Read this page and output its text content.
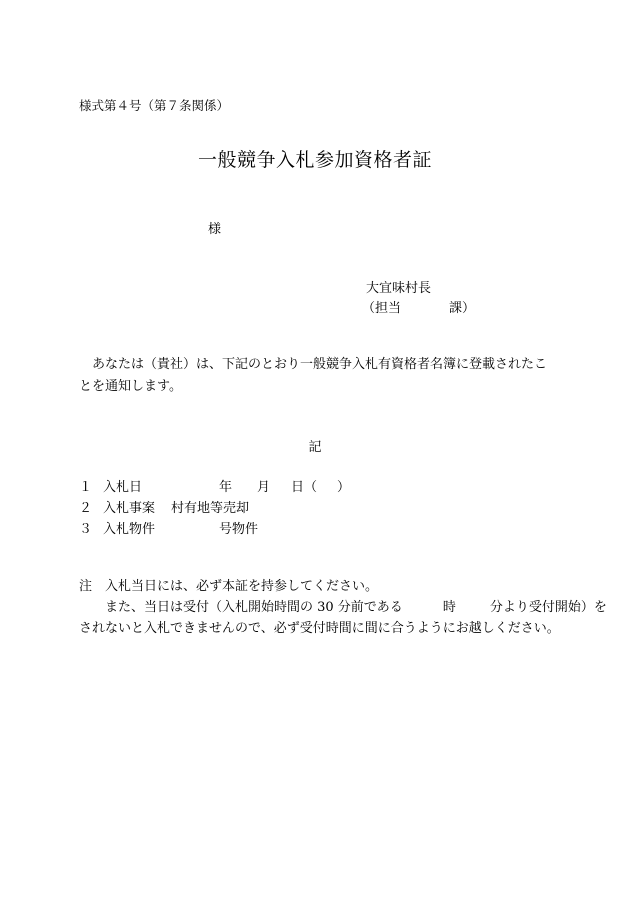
様式第４号（第７条関係）
一般競争入札参加資格者証
様
大宜味村長
（担当	課）
あなたは（貴社）は、下記のとおり一般競争入札有資格者名簿に登載されたことを通知します。
記
１ 入札日	年	月	日（	）
２ 入札事案	村有地等売却
３ 入札物件	号物件
注　入札当日には、必ず本証を持参してください。
また、当日は受付（入札開始時間の 30 分前である	時	分より受付開始）を
されないと入札できませんので、必ず受付時間に間に合うようにお越しください。
